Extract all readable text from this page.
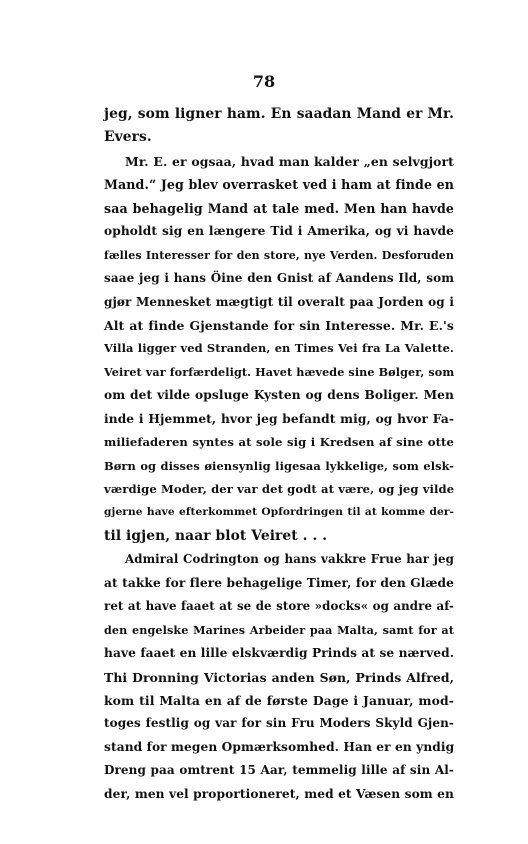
78
jeg, som ligner ham. En saadan Mand er Mr.
Evers.
Mr. E. er ogsaa, hvad man kalder „en selvgjort
Mand.“ Jeg blev overrasket ved i ham at finde en
saa behagelig Mand at tale med. Men han havde
opholdt sig en længere Tid i Amerika, og vi havde
fælles Interesser for den store, nye Verden. Desforuden
saae jeg i hans Öine den Gnist af Aandens Ild, som
gjør Mennesket mægtigt til overalt paa Jorden og i
Alt at finde Gjenstande for sin Interesse. Mr. E.'s
Villa ligger ved Stranden, en Times Vei fra La Valette.
Veiret var forfærdeligt. Havet hævede sine Bølger, som
om det vilde opsluge Kysten og dens Boliger. Men
inde i Hjemmet, hvor jeg befandt mig, og hvor Fa-
miliefaderen syntes at sole sig i Kredsen af sine otte
Børn og disses øiensynlig ligesaa lykkelige, som elsk-
værdige Moder, der var det godt at være, og jeg vilde
gjerne have efterkommet Opfordringen til at komme der-
til igjen, naar blot Veiret . . .
Admiral Codrington og hans vakkre Frue har jeg
at takke for flere behagelige Timer, for den Glæde
ret at have faaet at se de store »docks« og andre af-
den engelske Marines Arbeider paa Malta, samt for at
have faaet en lille elskværdig Prinds at se nærved.
Thi Dronning Victorias anden Søn, Prinds Alfred,
kom til Malta en af de første Dage i Januar, mod-
toges festlig og var for sin Fru Moders Skyld Gjen-
stand for megen Opmærksomhed. Han er en yndig
Dreng paa omtrent 15 Aar, temmelig lille af sin Al-
der, men vel proportioneret, med et Væsen som en
